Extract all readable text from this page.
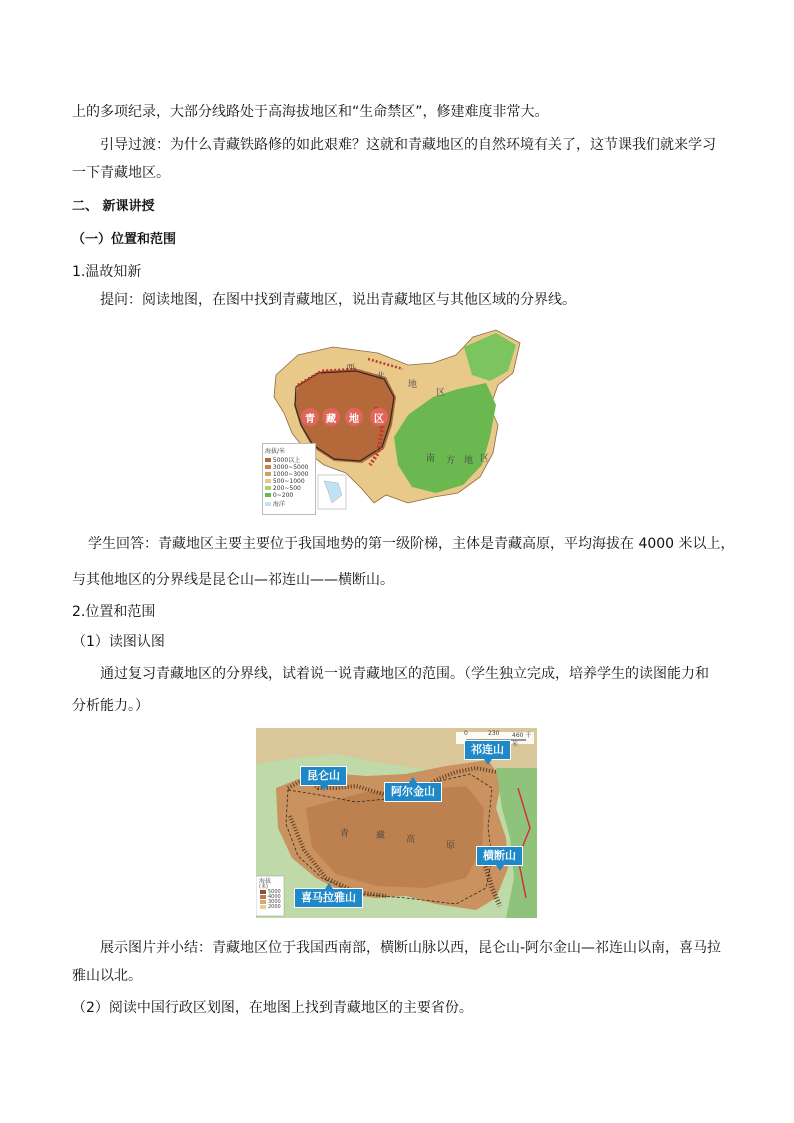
上的多项纪录，大部分线路处于高海拔地区和“生命禁区”，修建难度非常大。
引导过渡：为什么青藏铁路修的如此艰难？这就和青藏地区的自然环境有关了，这节课我们就来学习
一下青藏地区。
二、 新课讲授
（一）位置和范围
1.温故知新
提问：阅读地图，在图中找到青藏地区，说出青藏地区与其他区域的分界线。
青 藏 地 区
西
北
地
区
南 方 地 区
海拔/米
5000以上
3000~5000
1000~3000
500~1000
200~500
0~200
海洋
学生回答：青藏地区主要主要位于我国地势的第一级阶梯，主体是青藏高原，平均海拔在 4000 米以上，
与其他地区的分界线是昆仑山—祁连山——横断山。
2.位置和范围
（1）读图认图
通过复习青藏地区的分界线，试着说一说青藏地区的范围。（学生独立完成，培养学生的读图能力和
分析能力。）
0	230 460 千米
青	藏 高
原
祁连山
昆仑山
阿尔金山
横断山
喜马拉雅山
海拔
(米)
5000
4000
3000
2000
展示图片并小结：青藏地区位于我国西南部，横断山脉以西，昆仑山-阿尔金山—祁连山以南，喜马拉
雅山以北。
（2）阅读中国行政区划图，在地图上找到青藏地区的主要省份。
